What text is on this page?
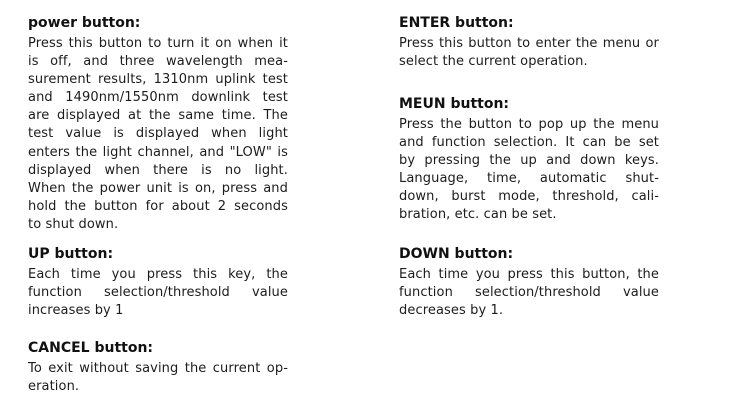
power button:
Press this button to turn it on when it
is off, and three wavelength mea-
surement results, 1310nm uplink test
and 1490nm/1550nm downlink test
are displayed at the same time. The
test value is displayed when light
enters the light channel, and "LOW" is
displayed when there is no light.
When the power unit is on, press and
hold the button for about 2 seconds
to shut down.
UP button:
Each time you press this key, the
function selection/threshold value
increases by 1
CANCEL button:
To exit without saving the current op-
eration.
ENTER button:
Press this button to enter the menu or
select the current operation.
MEUN button:
Press the button to pop up the menu
and function selection. It can be set
by pressing the up and down keys.
Language, time, automatic shut-
down, burst mode, threshold, cali-
bration, etc. can be set.
DOWN button:
Each time you press this button, the
function selection/threshold value
decreases by 1.
